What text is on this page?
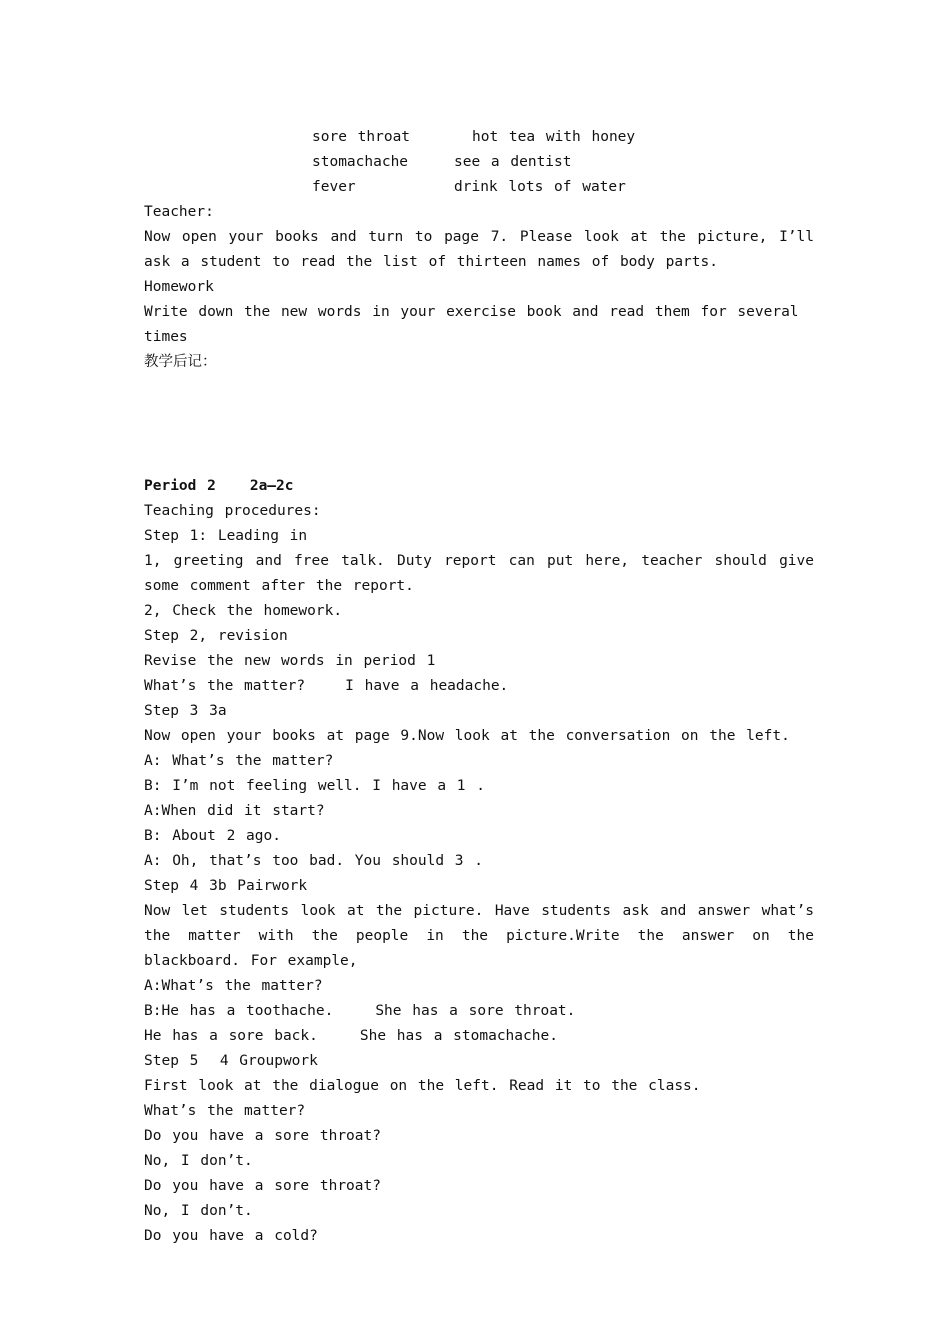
sore throat	hot tea with honey
stomachache	see a dentist
fever	drink lots of water
Teacher:
Now open your books and turn to page 7. Please look at the picture, I’ll ask a student to read the list of thirteen names of body parts.
Homework
Write down the new words in your exercise book and read them for several times
教学后记：
Period 2 2a—2c
Teaching procedures:
Step 1: Leading in
1, greeting and free talk. Duty report can put here, teacher should give some comment after the report.
2, Check the homework.
Step 2, revision
Revise the new words in period 1
What’s the matter?	I have a headache.
Step 3 3a
Now open your books at page 9.Now look at the conversation on the left.
A: What’s the matter?
B: I’m not feeling well. I have a 1 .
A:When did it start?
B: About 2 ago.
A: Oh, that’s too bad. You should 3 .
Step 4 3b Pairwork
Now let students look at the picture. Have students ask and answer what’s the matter with the people in the picture.Write the answer on the blackboard. For example,
A:What’s the matter?
B:He has a toothache.	She has a sore throat.
He has a sore back.	She has a stomachache.
Step 5  4 Groupwork
First look at the dialogue on the left. Read it to the class.
What’s the matter?
Do you have a sore throat?
No, I don’t.
Do you have a sore throat?
No, I don’t.
Do you have a cold?
